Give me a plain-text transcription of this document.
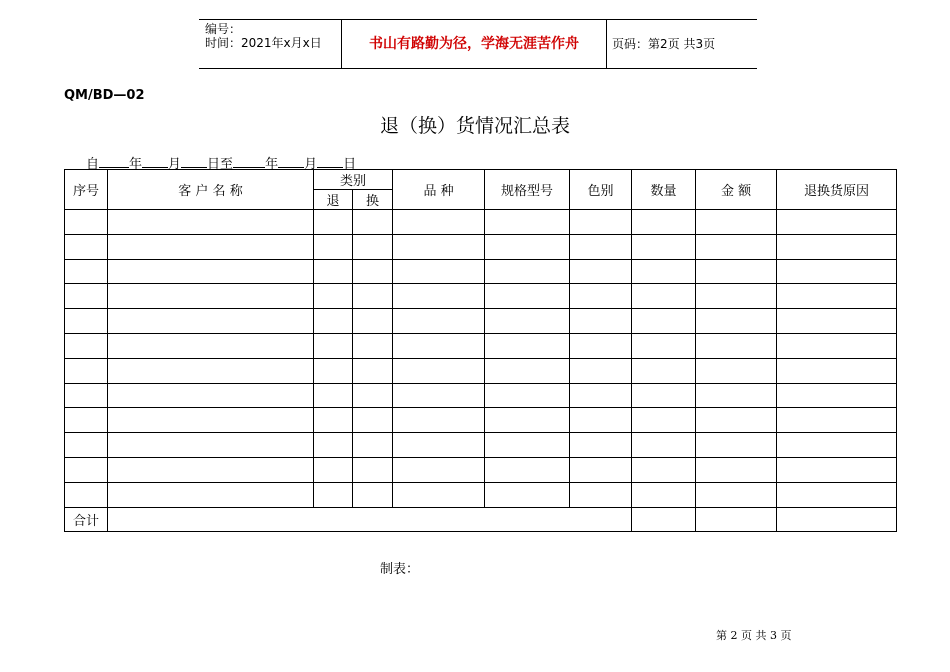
编号：
时间：2021年x月x日	书山有路勤为径，学海无涯苦作舟	页码：第2页 共3页
QM/BD—02
退（换）货情况汇总表
自 年 月 日至 年 月 日
序号	客 户 名 称	类别		品 种	规格型号	色别	数量	金 额	退换货原因
		退	换						

合计									
制表：
第 2 页 共 3 页
